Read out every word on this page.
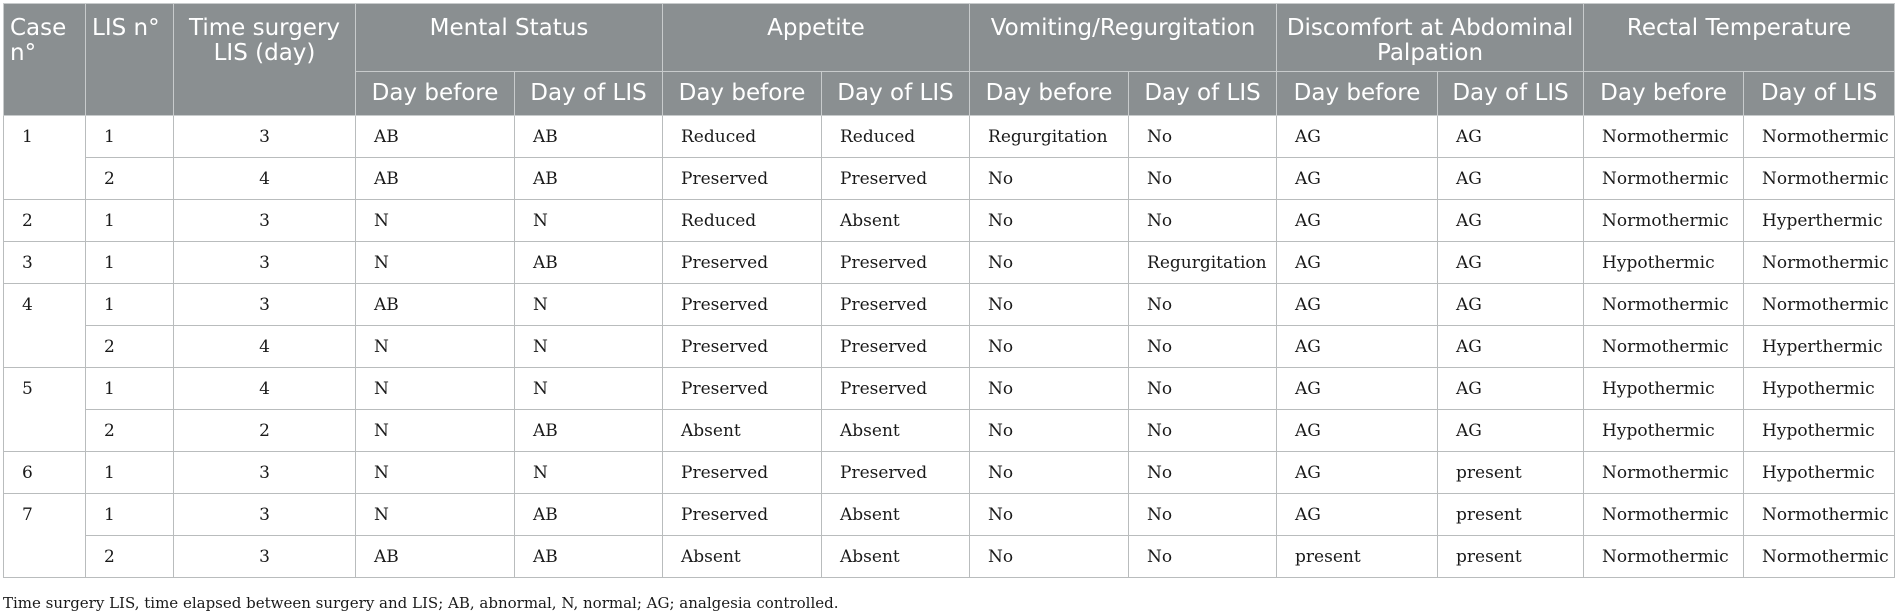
Case n°	LIS n°	Time surgery LIS (day)	Mental Status		Appetite		Vomiting/Regurgitation		Discomfort at Abdominal Palpation		Rectal Temperature	
			Day before	Day of LIS	Day before	Day of LIS	Day before	Day of LIS	Day before	Day of LIS	Day before	Day of LIS
1	1	3	AB	AB	Reduced	Reduced	Regurgitation	No	AG	AG	Normothermic	Normothermic
	2	4	AB	AB	Preserved	Preserved	No	No	AG	AG	Normothermic	Normothermic
2	1	3	N	N	Reduced	Absent	No	No	AG	AG	Normothermic	Hyperthermic
3	1	3	N	AB	Preserved	Preserved	No	Regurgitation	AG	AG	Hypothermic	Normothermic
4	1	3	AB	N	Preserved	Preserved	No	No	AG	AG	Normothermic	Normothermic
	2	4	N	N	Preserved	Preserved	No	No	AG	AG	Normothermic	Hyperthermic
5	1	4	N	N	Preserved	Preserved	No	No	AG	AG	Hypothermic	Hypothermic
	2	2	N	AB	Absent	Absent	No	No	AG	AG	Hypothermic	Hypothermic
6	1	3	N	N	Preserved	Preserved	No	No	AG	present	Normothermic	Hypothermic
7	1	3	N	AB	Preserved	Absent	No	No	AG	present	Normothermic	Normothermic
	2	3	AB	AB	Absent	Absent	No	No	present	present	Normothermic	Normothermic
Time surgery LIS, time elapsed between surgery and LIS; AB, abnormal, N, normal; AG; analgesia controlled.
